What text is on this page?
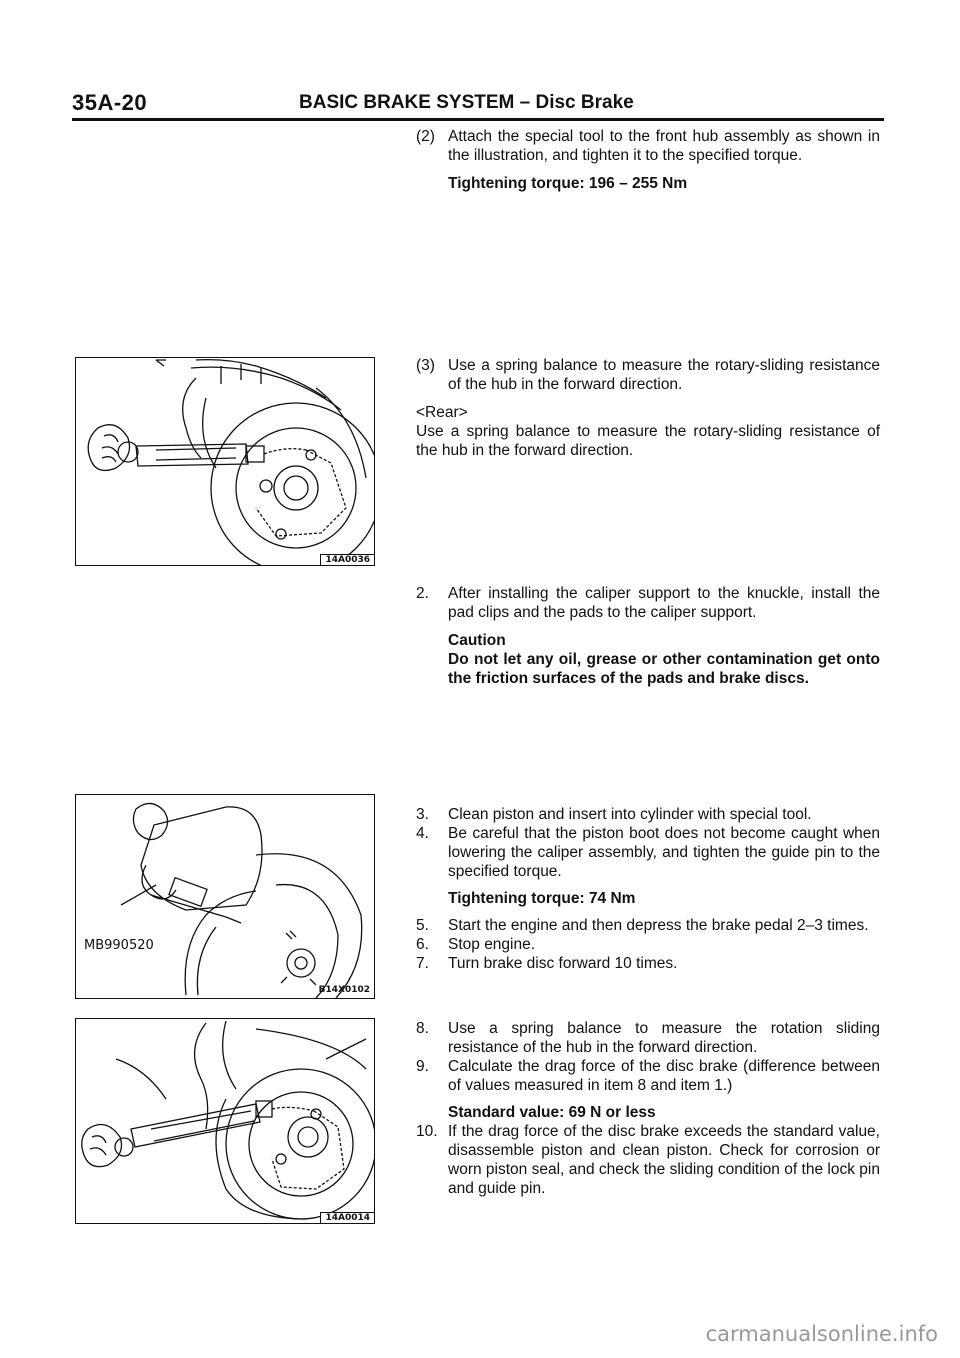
35A-20	BASIC BRAKE SYSTEM – Disc Brake

(2) Attach the special tool to the front hub assembly as shown in the illustration, and tighten it to the specified torque.

Tightening torque: 196 – 255 Nm

(3) Use a spring balance to measure the rotary-sliding resistance of the hub in the forward direction.

<Rear>

Use a spring balance to measure the rotary-sliding resistance of the hub in the forward direction.

2. After installing the caliper support to the knuckle, install the pad clips and the pads to the caliper support.

Caution

Do not let any oil, grease or other contamination get onto the friction surfaces of the pads and brake discs.

3. Clean piston and insert into cylinder with special tool.

4. Be careful that the piston boot does not become caught when lowering the caliper assembly, and tighten the guide pin to the specified torque.

Tightening torque: 74 Nm

5. Start the engine and then depress the brake pedal 2–3 times.

6. Stop engine.

7. Turn brake disc forward 10 times.

8. Use a spring balance to measure the rotation sliding resistance of the hub in the forward direction.

9. Calculate the drag force of the disc brake (difference between of values measured in item 8 and item 1.)

Standard value: 69 N or less

10. If the drag force of the disc brake exceeds the standard value, disassemble piston and clean piston. Check for corrosion or worn piston seal, and check the sliding condition of the lock pin and guide pin.

14A0036
MB990520
B14X0102
14A0014
carmanualsonline.info
